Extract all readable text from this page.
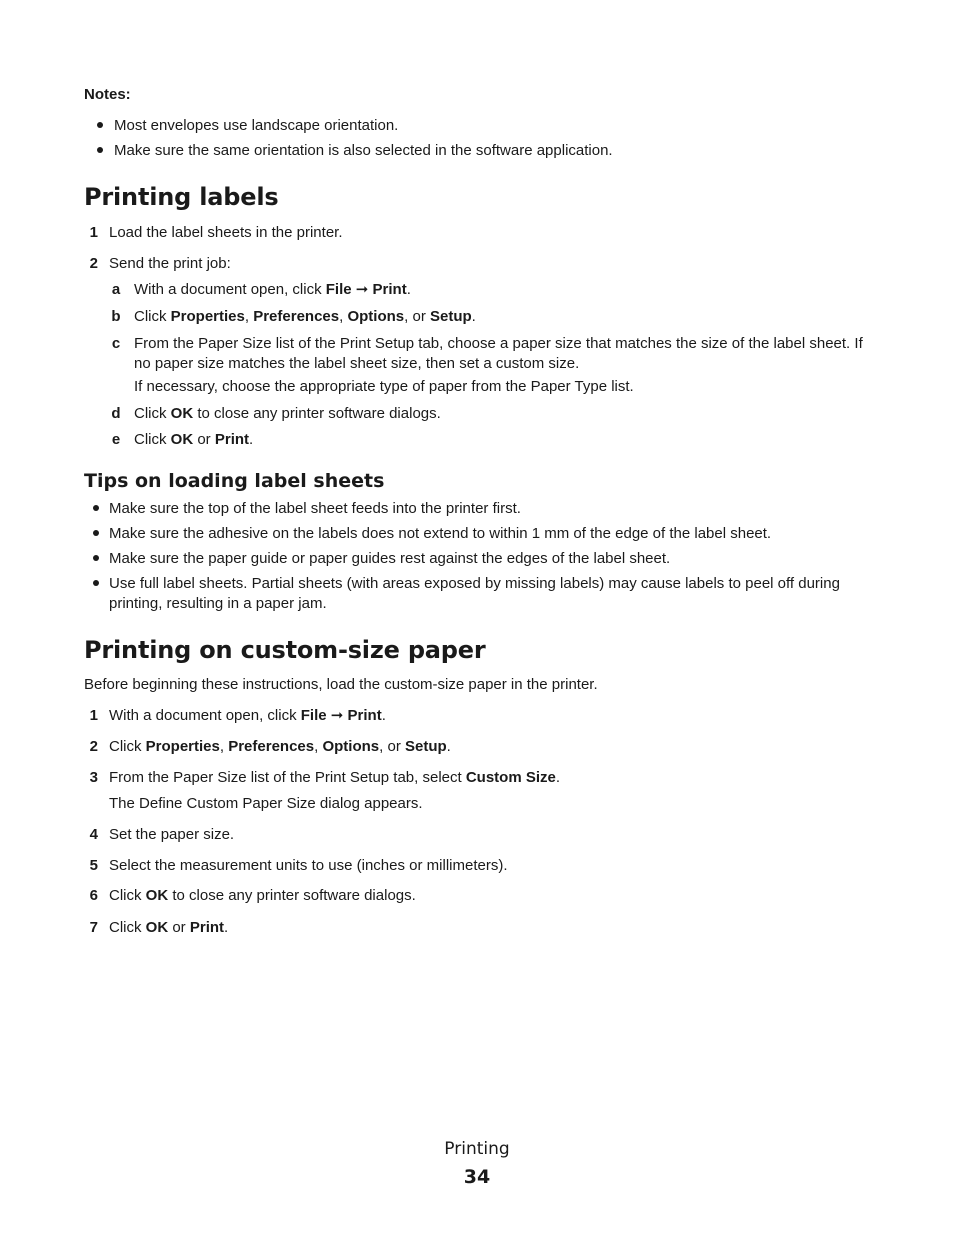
Notes:
Most envelopes use landscape orientation.
Make sure the same orientation is also selected in the software application.
Printing labels
1 Load the label sheets in the printer.
2 Send the print job:
a With a document open, click File ➞ Print.
b Click Properties, Preferences, Options, or Setup.
c From the Paper Size list of the Print Setup tab, choose a paper size that matches the size of the label sheet. If no paper size matches the label sheet size, then set a custom size.
If necessary, choose the appropriate type of paper from the Paper Type list.
d Click OK to close any printer software dialogs.
e Click OK or Print.
Tips on loading label sheets
Make sure the top of the label sheet feeds into the printer first.
Make sure the adhesive on the labels does not extend to within 1 mm of the edge of the label sheet.
Make sure the paper guide or paper guides rest against the edges of the label sheet.
Use full label sheets. Partial sheets (with areas exposed by missing labels) may cause labels to peel off during printing, resulting in a paper jam.
Printing on custom-size paper
Before beginning these instructions, load the custom-size paper in the printer.
1 With a document open, click File ➞ Print.
2 Click Properties, Preferences, Options, or Setup.
3 From the Paper Size list of the Print Setup tab, select Custom Size.
The Define Custom Paper Size dialog appears.
4 Set the paper size.
5 Select the measurement units to use (inches or millimeters).
6 Click OK to close any printer software dialogs.
7 Click OK or Print.
Printing
34
